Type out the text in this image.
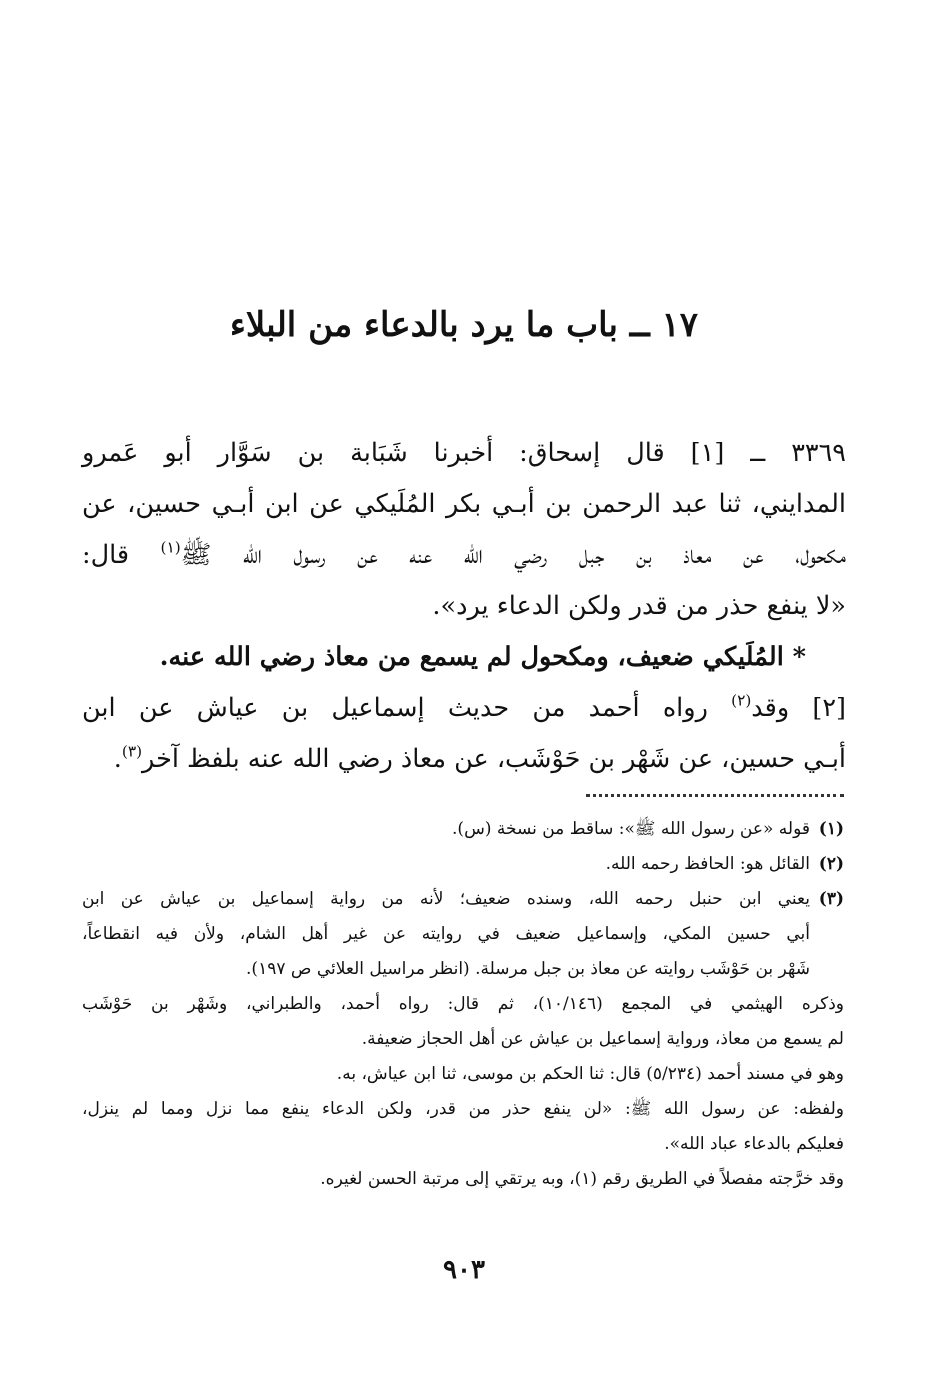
١٧ ــ باب ما يرد بالدعاء من البلاء

٣٣٦٩ ــ [١] قال إسحاق: أخبرنا شَبَابة بن سَوَّار أبو عَمرو

المدايني، ثنا عبد الرحمن بن أبـي بكر المُلَيكي عن ابن أبـي حسين، عن

مكحول، عن معاذ بن جبل رضي الله عنه عن رسول الله ﷺ$^{(١)}$ قال:

«لا ينفع حذر من قدر ولكن الدعاء يرد».

* المُلَيكي ضعيف، ومكحول لم يسمع من معاذ رضي الله عنه.

[٢] وقد$^{(٢)}$ رواه أحمد من حديث إسماعيل بن عياش عن ابن

أبـي حسين، عن شَهْر بن حَوْشَب، عن معاذ رضي الله عنه بلفظ آخر$^{(٣)}$.

(١)

قوله «عن رسول الله ﷺ»: ساقط من نسخة (س).

(٢)

القائل هو: الحافظ رحمه الله.

(٣)

يعني ابن حنبل رحمه الله، وسنده ضعيف؛ لأنه من رواية إسماعيل بن عياش عن ابن

أبي حسين المكي، وإسماعيل ضعيف في روايته عن غير أهل الشام، ولأن فيه انقطاعاً،

شَهْر بن حَوْشَب روايته عن معاذ بن جبل مرسلة. (انظر مراسيل العلائي ص ١٩٧).

وذكره الهيثمي في المجمع (١٠/١٤٦)، ثم قال: رواه أحمد، والطبراني، وشَهْر بن حَوْشَب

لم يسمع من معاذ، ورواية إسماعيل بن عياش عن أهل الحجاز ضعيفة.

وهو في مسند أحمد (٥/٢٣٤) قال: ثنا الحكم بن موسى، ثنا ابن عياش، به.

ولفظه: عن رسول الله ﷺ: «لن ينفع حذر من قدر، ولكن الدعاء ينفع مما نزل ومما لم ينزل،

فعليكم بالدعاء عباد الله».

وقد خرَّجته مفصلاً في الطريق رقم (١)، وبه يرتقي إلى مرتبة الحسن لغيره.

٩٠٣
